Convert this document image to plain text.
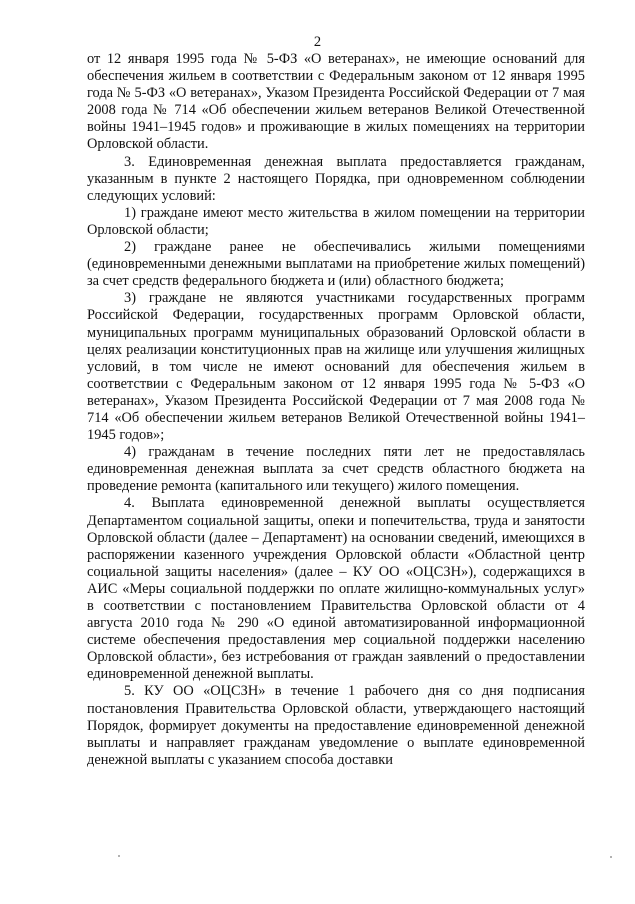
2

от 12 января 1995 года № 5-ФЗ «О ветеранах», не имеющие оснований для обеспечения жильем в соответствии с Федеральным законом от 12 января 1995 года № 5-ФЗ «О ветеранах», Указом Президента Российской Федерации от 7 мая 2008 года № 714 «Об обеспечении жильем ветеранов Великой Отечественной войны 1941–1945 годов» и проживающие в жилых помещениях на территории Орловской области.

3. Единовременная денежная выплата предоставляется гражданам, указанным в пункте 2 настоящего Порядка, при одновременном соблюдении следующих условий:

1) граждане имеют место жительства в жилом помещении на территории Орловской области;

2) граждане ранее не обеспечивались жилыми помещениями (единовременными денежными выплатами на приобретение жилых помещений) за счет средств федерального бюджета и (или) областного бюджета;

3) граждане не являются участниками государственных программ Российской Федерации, государственных программ Орловской области, муниципальных программ муниципальных образований Орловской области в целях реализации конституционных прав на жилище или улучшения жилищных условий, в том числе не имеют оснований для обеспечения жильем в соответствии с Федеральным законом от 12 января 1995 года № 5-ФЗ «О ветеранах», Указом Президента Российской Федерации от 7 мая 2008 года № 714 «Об обеспечении жильем ветеранов Великой Отечественной войны 1941–1945 годов»;

4) гражданам в течение последних пяти лет не предоставлялась единовременная денежная выплата за счет средств областного бюджета на проведение ремонта (капитального или текущего) жилого помещения.

4. Выплата единовременной денежной выплаты осуществляется Департаментом социальной защиты, опеки и попечительства, труда и занятости Орловской области (далее – Департамент) на основании сведений, имеющихся в распоряжении казенного учреждения Орловской области «Областной центр социальной защиты населения» (далее – КУ ОО «ОЦСЗН»), содержащихся в АИС «Меры социальной поддержки по оплате жилищно-коммунальных услуг» в соответствии с постановлением Правительства Орловской области от 4 августа 2010 года № 290 «О единой автоматизированной информационной системе обеспечения предоставления мер социальной поддержки населению Орловской области», без истребования от граждан заявлений о предоставлении единовременной денежной выплаты.

5. КУ ОО «ОЦСЗН» в течение 1 рабочего дня со дня подписания постановления Правительства Орловской области, утверждающего настоящий Порядок, формирует документы на предоставление единовременной денежной выплаты и направляет гражданам уведомление о выплате единовременной денежной выплаты с указанием способа доставки
